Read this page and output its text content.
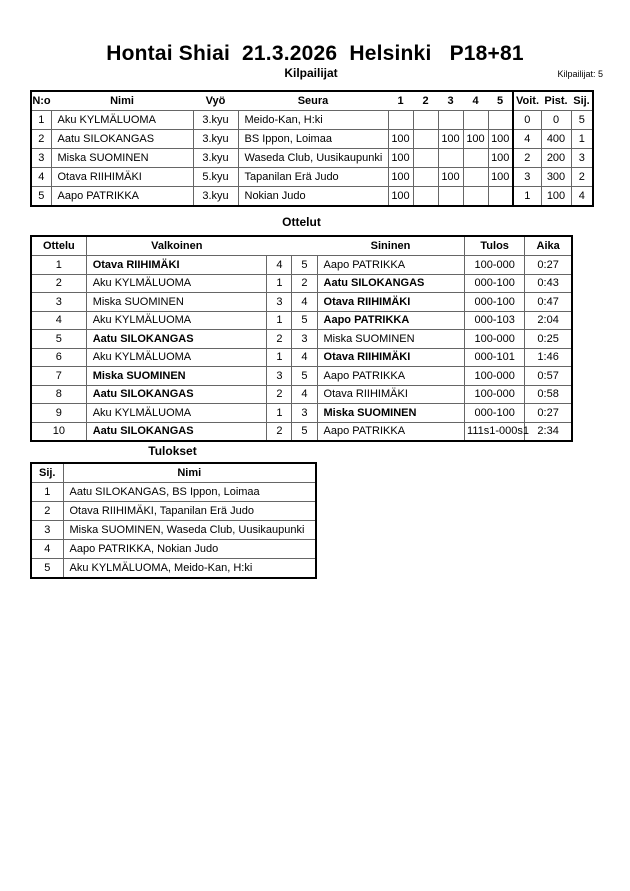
Hontai Shiai  21.3.2026  Helsinki   P18+81
Kilpailijat	Kilpailijat: 5
N:o	Nimi	Vyö	Seura	1	2	3	4	5	Voit.	Pist.	Sij.
1	Aku KYLMÄLUOMA	3.kyu	Meido-Kan, H:ki						0	0	5
2	Aatu SILOKANGAS	3.kyu	BS Ippon, Loimaa	100		100	100	100	4	400	1
3	Miska SUOMINEN	3.kyu	Waseda Club, Uusikaupunki	100				100	2	200	3
4	Otava RIIHIMÄKI	5.kyu	Tapanilan Erä Judo	100		100		100	3	300	2
5	Aapo PATRIKKA	3.kyu	Nokian Judo	100					1	100	4
Ottelut
Ottelu	Valkoinen			Sininen	Tulos	Aika
1	Otava RIIHIMÄKI	4	5	Aapo PATRIKKA	100-000	0:27
2	Aku KYLMÄLUOMA	1	2	Aatu SILOKANGAS	000-100	0:43
3	Miska SUOMINEN	3	4	Otava RIIHIMÄKI	000-100	0:47
4	Aku KYLMÄLUOMA	1	5	Aapo PATRIKKA	000-103	2:04
5	Aatu SILOKANGAS	2	3	Miska SUOMINEN	100-000	0:25
6	Aku KYLMÄLUOMA	1	4	Otava RIIHIMÄKI	000-101	1:46
7	Miska SUOMINEN	3	5	Aapo PATRIKKA	100-000	0:57
8	Aatu SILOKANGAS	2	4	Otava RIIHIMÄKI	100-000	0:58
9	Aku KYLMÄLUOMA	1	3	Miska SUOMINEN	000-100	0:27
10	Aatu SILOKANGAS	2	5	Aapo PATRIKKA	111s1-000s1	2:34
Tulokset
Sij.	Nimi
1	Aatu SILOKANGAS, BS Ippon, Loimaa
2	Otava RIIHIMÄKI, Tapanilan Erä Judo
3	Miska SUOMINEN, Waseda Club, Uusikaupunki
4	Aapo PATRIKKA, Nokian Judo
5	Aku KYLMÄLUOMA, Meido-Kan, H:ki
